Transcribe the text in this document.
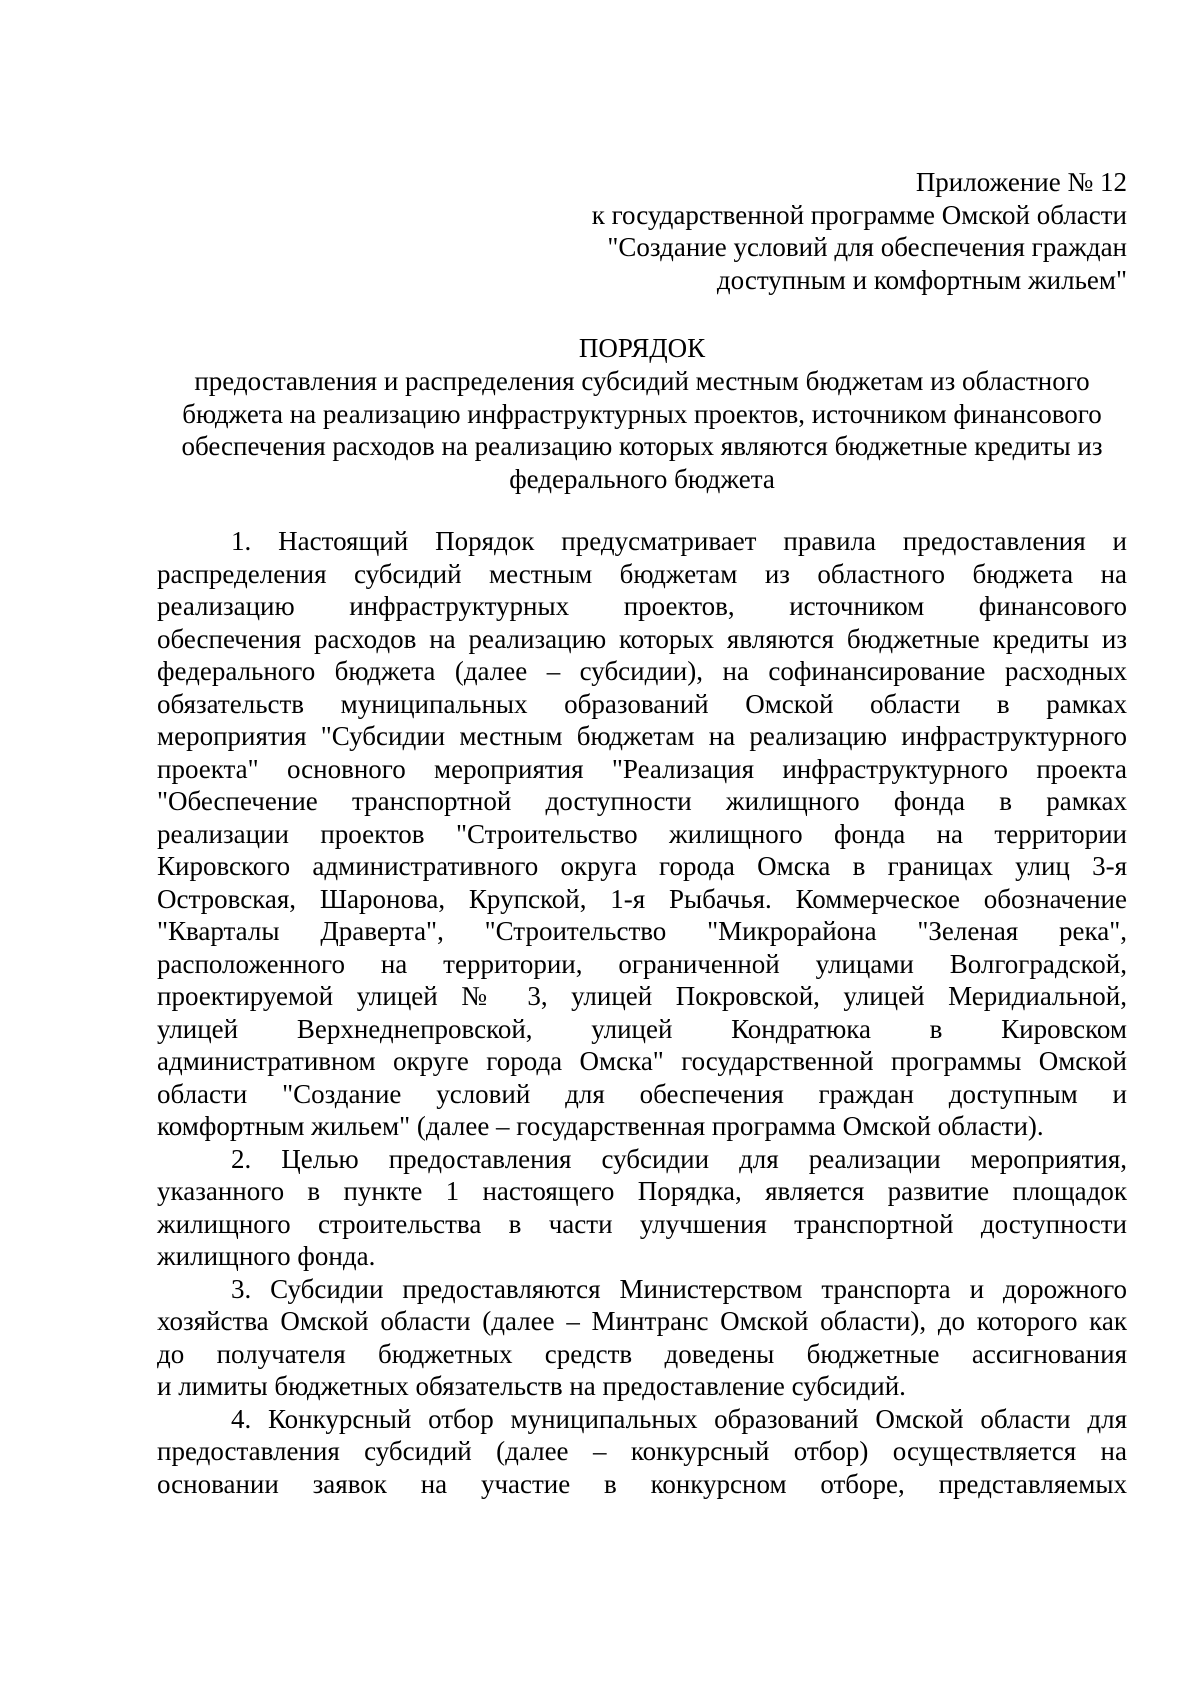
Приложение № 12
к государственной программе Омской области
"Создание условий для обеспечения граждан
доступным и комфортным жильем"
ПОРЯДОК
предоставления и распределения субсидий местным бюджетам из областного
бюджета на реализацию инфраструктурных проектов, источником финансового
обеспечения расходов на реализацию которых являются бюджетные кредиты из
федерального бюджета
1. Настоящий Порядок предусматривает правила предоставления и
распределения субсидий местным бюджетам из областного бюджета на
реализацию инфраструктурных проектов, источником финансового
обеспечения расходов на реализацию которых являются бюджетные кредиты из
федерального бюджета (далее – субсидии), на софинансирование расходных
обязательств муниципальных образований Омской области в рамках
мероприятия "Субсидии местным бюджетам на реализацию инфраструктурного
проекта" основного мероприятия "Реализация инфраструктурного проекта
"Обеспечение транспортной доступности жилищного фонда в рамках
реализации проектов "Строительство жилищного фонда на территории
Кировского административного округа города Омска в границах улиц 3-я
Островская, Шаронова, Крупской, 1-я Рыбачья. Коммерческое обозначение
"Кварталы Драверта", "Строительство "Микрорайона "Зеленая река",
расположенного на территории, ограниченной улицами Волгоградской,
проектируемой улицей № 3, улицей Покровской, улицей Меридиальной,
улицей Верхнеднепровской, улицей Кондратюка в Кировском
административном округе города Омска" государственной программы Омской
области "Создание условий для обеспечения граждан доступным и
комфортным жильем" (далее – государственная программа Омской области).
2. Целью предоставления субсидии для реализации мероприятия,
указанного в пункте 1 настоящего Порядка, является развитие площадок
жилищного строительства в части улучшения транспортной доступности
жилищного фонда.
3. Субсидии предоставляются Министерством транспорта и дорожного
хозяйства Омской области (далее – Минтранс Омской области), до которого как
до получателя бюджетных средств доведены бюджетные ассигнования
и лимиты бюджетных обязательств на предоставление субсидий.
4. Конкурсный отбор муниципальных образований Омской области для
предоставления субсидий (далее – конкурсный отбор) осуществляется на
основании заявок на участие в конкурсном отборе, представляемых
